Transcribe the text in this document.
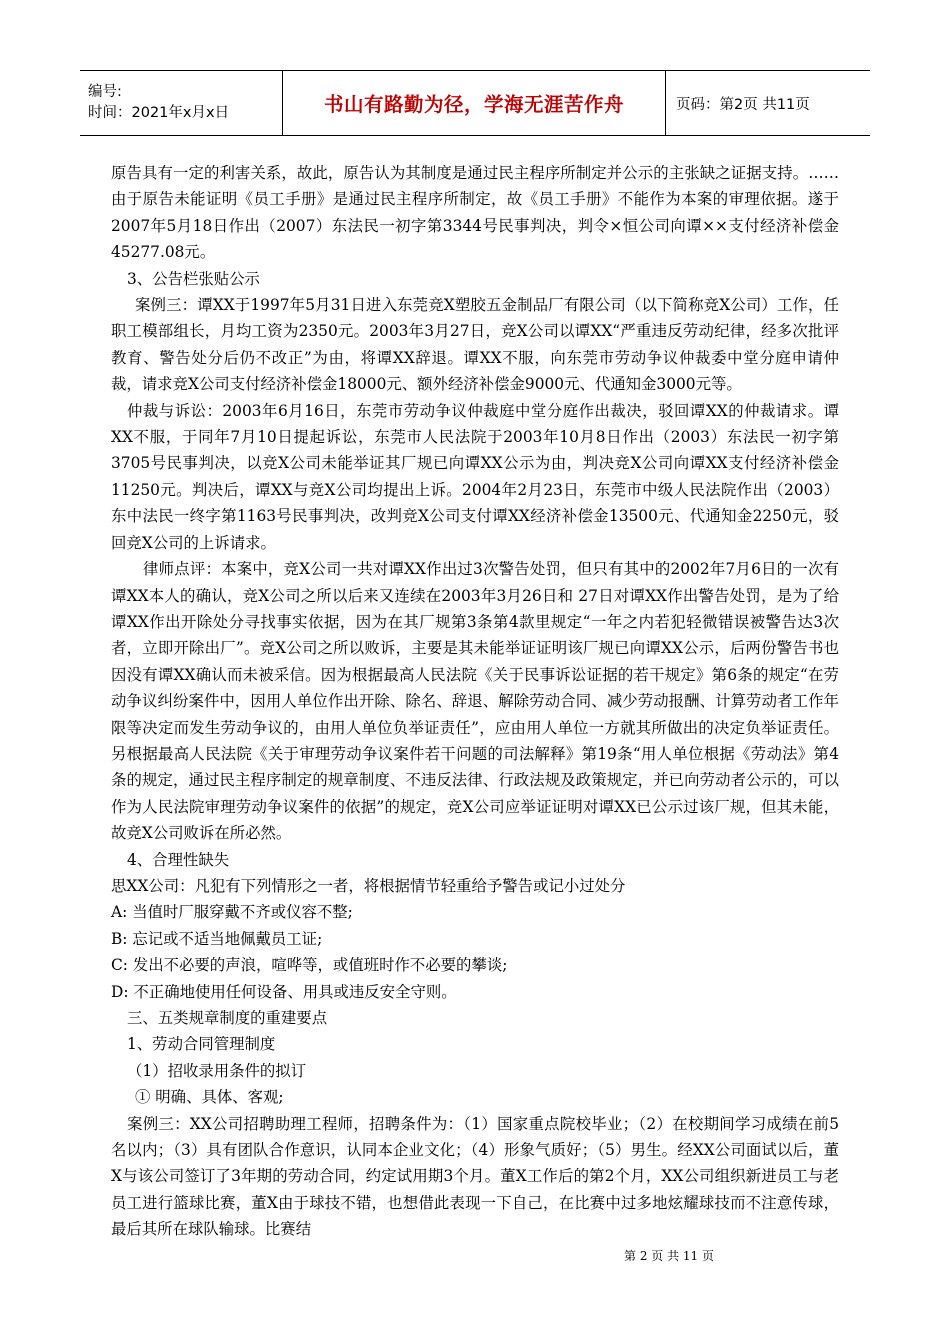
编号:
时间：2021年x月x日	书山有路勤为径，学海无涯苦作舟	页码：第2页 共11页

原告具有一定的利害关系，故此，原告认为其制度是通过民主程序所制定并公示的主张缺之证据支持。……由于原告未能证明《员工手册》是通过民主程序所制定，故《员工手册》不能作为本案的审理依据。遂于2007年5月18日作出（2007）东法民一初字第3344号民事判决，判令×恒公司向谭××支付经济补偿金45277.08元。

3、公告栏张贴公示

案例三：谭XX于1997年5月31日进入东莞竞X塑胶五金制品厂有限公司（以下简称竞X公司）工作，任职工模部组长，月均工资为2350元。2003年3月27日，竞X公司以谭XX“严重违反劳动纪律，经多次批评教育、警告处分后仍不改正”为由，将谭XX辞退。谭XX不服，向东莞市劳动争议仲裁委中堂分庭申请仲裁，请求竞X公司支付经济补偿金18000元、额外经济补偿金9000元、代通知金3000元等。

仲裁与诉讼：2003年6月16日，东莞市劳动争议仲裁庭中堂分庭作出裁决，驳回谭XX的仲裁请求。谭XX不服，于同年7月10日提起诉讼，东莞市人民法院于2003年10月8日作出（2003）东法民一初字第3705号民事判决，以竞X公司未能举证其厂规已向谭XX公示为由，判决竞X公司向谭XX支付经济补偿金11250元。判决后，谭XX与竞X公司均提出上诉。2004年2月23日，东莞市中级人民法院作出（2003）东中法民一终字第1163号民事判决，改判竞X公司支付谭XX经济补偿金13500元、代通知金2250元，驳回竞X公司的上诉请求。

律师点评：本案中，竞X公司一共对谭XX作出过3次警告处罚，但只有其中的2002年7月6日的一次有谭XX本人的确认，竞X公司之所以后来又连续在2003年3月26日和 27日对谭XX作出警告处罚，是为了给谭XX作出开除处分寻找事实依据，因为在其厂规第3条第4款里规定“一年之内若犯轻微错误被警告达3次者，立即开除出厂”。竞X公司之所以败诉，主要是其未能举证证明该厂规已向谭XX公示，后两份警告书也因没有谭XX确认而未被采信。因为根据最高人民法院《关于民事诉讼证据的若干规定》第6条的规定“在劳动争议纠纷案件中，因用人单位作出开除、除名、辞退、解除劳动合同、减少劳动报酬、计算劳动者工作年限等决定而发生劳动争议的，由用人单位负举证责任”，应由用人单位一方就其所做出的决定负举证责任。另根据最高人民法院《关于审理劳动争议案件若干问题的司法解释》第19条“用人单位根据《劳动法》第4条的规定，通过民主程序制定的规章制度、不违反法律、行政法规及政策规定，并已向劳动者公示的，可以作为人民法院审理劳动争议案件的依据”的规定，竞X公司应举证证明对谭XX已公示过该厂规，但其未能，故竞X公司败诉在所必然。

4、合理性缺失

思XX公司：凡犯有下列情形之一者，将根据情节轻重给予警告或记小过处分

A: 当值时厂服穿戴不齐或仪容不整;

B: 忘记或不适当地佩戴员工证;

C: 发出不必要的声浪，喧哗等，或值班时作不必要的攀谈;

D: 不正确地使用任何设备、用具或违反安全守则。

三、五类规章制度的重建要点

1、劳动合同管理制度

（1）招收录用条件的拟订

① 明确、具体、客观;

案例三：XX公司招聘助理工程师，招聘条件为：（1）国家重点院校毕业；（2）在校期间学习成绩在前5名以内；（3）具有团队合作意识，认同本企业文化；（4）形象气质好；（5）男生。经XX公司面试以后，董X与该公司签订了3年期的劳动合同，约定试用期3个月。董X工作后的第2个月，XX公司组织新进员工与老员工进行篮球比赛，董X由于球技不错，也想借此表现一下自己，在比赛中过多地炫耀球技而不注意传球，最后其所在球队输球。比赛结

第 2 页 共 11 页
